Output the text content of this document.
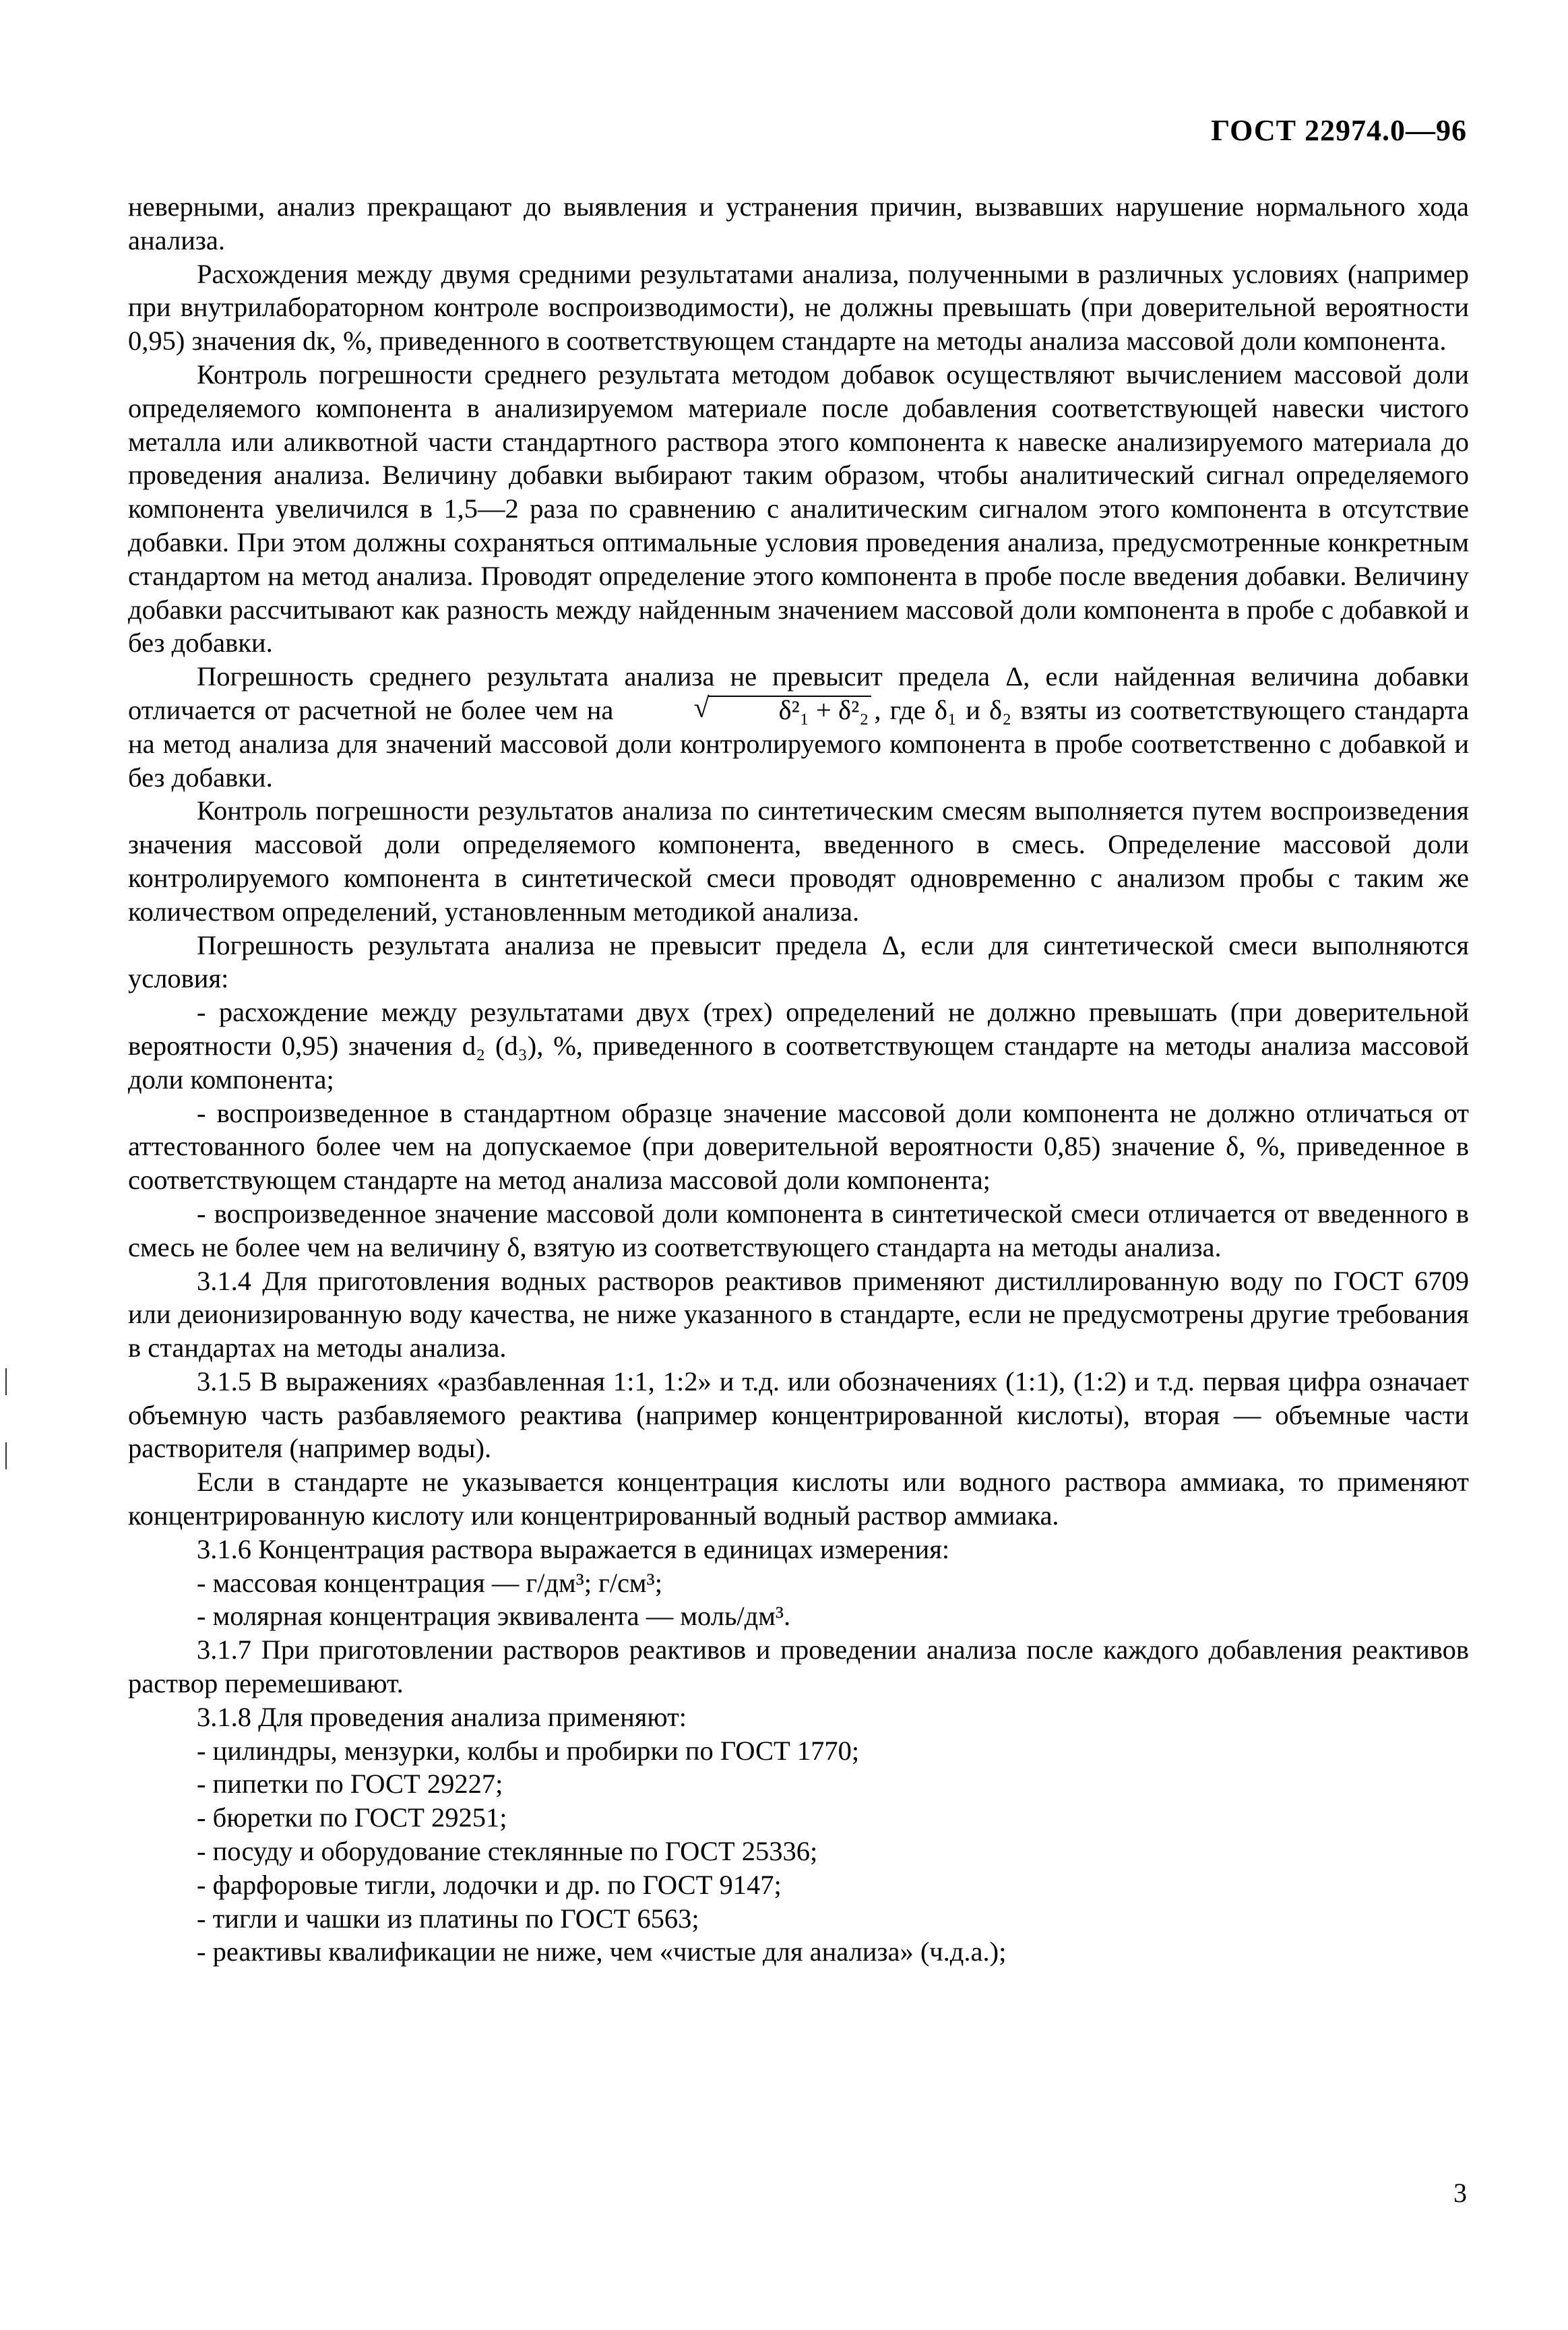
ГОСТ 22974.0—96

неверными, анализ прекращают до выявления и устранения причин, вызвавших нарушение нормального хода анализа.

Расхождения между двумя средними результатами анализа, полученными в различных условиях (например при внутрилабораторном контроле воспроизводимости), не должны превышать (при доверительной вероятности 0,95) значения dк, %, приведенного в соответствующем стандарте на методы анализа массовой доли компонента.

Контроль погрешности среднего результата методом добавок осуществляют вычислением массовой доли определяемого компонента в анализируемом материале после добавления соответствующей навески чистого металла или аликвотной части стандартного раствора этого компонента к навеске анализируемого материала до проведения анализа. Величину добавки выбирают таким образом, чтобы аналитический сигнал определяемого компонента увеличился в 1,5—2 раза по сравнению с аналитическим сигналом этого компонента в отсутствие добавки. При этом должны сохраняться оптимальные условия проведения анализа, предусмотренные конкретным стандартом на метод анализа. Проводят определение этого компонента в пробе после введения добавки. Величину добавки рассчитывают как разность между найденным значением массовой доли компонента в пробе с добавкой и без добавки.

Погрешность среднего результата анализа не превысит предела Δ, если найденная величина добавки отличается от расчетной не более чем на √	δ²₁ + δ²₂ , где δ₁ и δ₂ взяты из соответствующего стандарта на метод анализа для значений массовой доли контролируемого компонента в пробе соответственно с добавкой и без добавки.

Контроль погрешности результатов анализа по синтетическим смесям выполняется путем воспроизведения значения массовой доли определяемого компонента, введенного в смесь. Определение массовой доли контролируемого компонента в синтетической смеси проводят одновременно с анализом пробы с таким же количеством определений, установленным методикой анализа.

Погрешность результата анализа не превысит предела Δ, если для синтетической смеси выполняются условия:

- расхождение между результатами двух (трех) определений не должно превышать (при доверительной вероятности 0,95) значения d₂ (d₃), %, приведенного в соответствующем стандарте на методы анализа массовой доли компонента;

- воспроизведенное в стандартном образце значение массовой доли компонента не должно отличаться от аттестованного более чем на допускаемое (при доверительной вероятности 0,85) значение δ, %, приведенное в соответствующем стандарте на метод анализа массовой доли компонента;

- воспроизведенное значение массовой доли компонента в синтетической смеси отличается от введенного в смесь не более чем на величину δ, взятую из соответствующего стандарта на методы анализа.

3.1.4 Для приготовления водных растворов реактивов применяют дистиллированную воду по ГОСТ 6709 или деионизированную воду качества, не ниже указанного в стандарте, если не предусмотрены другие требования в стандартах на методы анализа.

3.1.5 В выражениях «разбавленная 1:1, 1:2» и т.д. или обозначениях (1:1), (1:2) и т.д. первая цифра означает объемную часть разбавляемого реактива (например концентрированной кислоты), вторая — объемные части растворителя (например воды).

Если в стандарте не указывается концентрация кислоты или водного раствора аммиака, то применяют концентрированную кислоту или концентрированный водный раствор аммиака.

3.1.6 Концентрация раствора выражается в единицах измерения:

- массовая концентрация — г/дм³; г/см³;

- молярная концентрация эквивалента — моль/дм³.

3.1.7 При приготовлении растворов реактивов и проведении анализа после каждого добавления реактивов раствор перемешивают.

3.1.8 Для проведения анализа применяют:

- цилиндры, мензурки, колбы и пробирки по ГОСТ 1770;

- пипетки по ГОСТ 29227;

- бюретки по ГОСТ 29251;

- посуду и оборудование стеклянные по ГОСТ 25336;

- фарфоровые тигли, лодочки и др. по ГОСТ 9147;

- тигли и чашки из платины по ГОСТ 6563;

- реактивы квалификации не ниже, чем «чистые для анализа» (ч.д.а.);

3
